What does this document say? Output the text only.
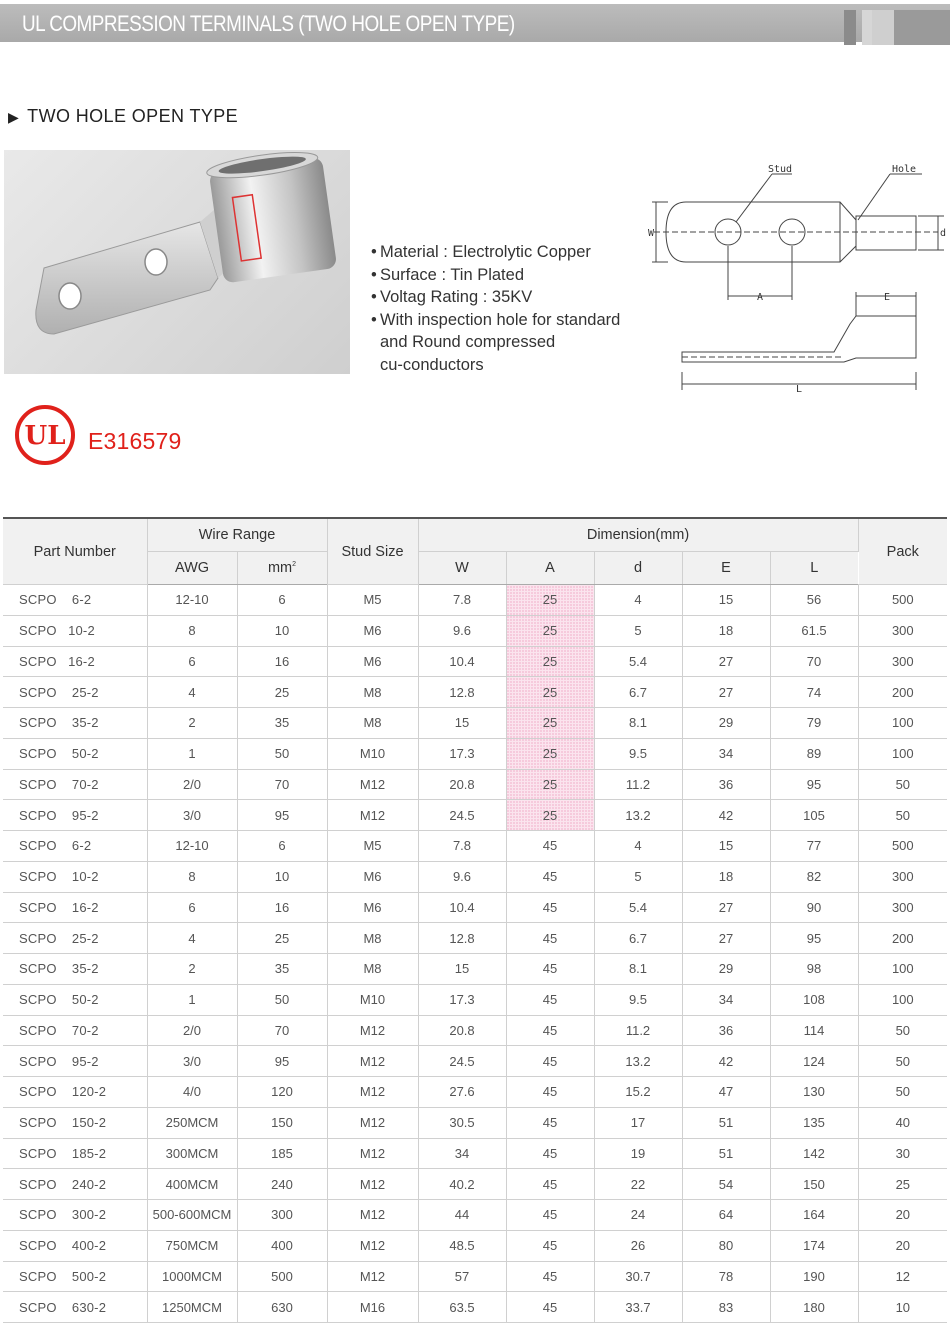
UL COMPRESSION TERMINALS (TWO HOLE OPEN TYPE)
▶ TWO HOLE OPEN TYPE
• Material : Electrolytic Copper
• Surface : Tin Plated
• Voltag Rating : 35KV
• With inspection hole for standard
and Round compressed
cu-conductors
Stud	Hole
W	d
A	E
L
UL E316579
Part Number	Wire Range		Stud Size	Dimension(mm)					Pack
	AWG	$mm^2$		W	A	d	E	L	
SCPO    6-2	12-10	6	M5	7.8	25	4	15	56	500
SCPO   10-2	8	10	M6	9.6	25	5	18	61.5	300
SCPO   16-2	6	16	M6	10.4	25	5.4	27	70	300
SCPO    25-2	4	25	M8	12.8	25	6.7	27	74	200
SCPO    35-2	2	35	M8	15	25	8.1	29	79	100
SCPO    50-2	1	50	M10	17.3	25	9.5	34	89	100
SCPO    70-2	2/0	70	M12	20.8	25	11.2	36	95	50
SCPO    95-2	3/0	95	M12	24.5	25	13.2	42	105	50
SCPO    6-2	12-10	6	M5	7.8	45	4	15	77	500
SCPO    10-2	8	10	M6	9.6	45	5	18	82	300
SCPO    16-2	6	16	M6	10.4	45	5.4	27	90	300
SCPO    25-2	4	25	M8	12.8	45	6.7	27	95	200
SCPO    35-2	2	35	M8	15	45	8.1	29	98	100
SCPO    50-2	1	50	M10	17.3	45	9.5	34	108	100
SCPO    70-2	2/0	70	M12	20.8	45	11.2	36	114	50
SCPO    95-2	3/0	95	M12	24.5	45	13.2	42	124	50
SCPO    120-2	4/0	120	M12	27.6	45	15.2	47	130	50
SCPO    150-2	250MCM	150	M12	30.5	45	17	51	135	40
SCPO    185-2	300MCM	185	M12	34	45	19	51	142	30
SCPO    240-2	400MCM	240	M12	40.2	45	22	54	150	25
SCPO    300-2	500-600MCM	300	M12	44	45	24	64	164	20
SCPO    400-2	750MCM	400	M12	48.5	45	26	80	174	20
SCPO    500-2	1000MCM	500	M12	57	45	30.7	78	190	12
SCPO    630-2	1250MCM	630	M16	63.5	45	33.7	83	180	10
